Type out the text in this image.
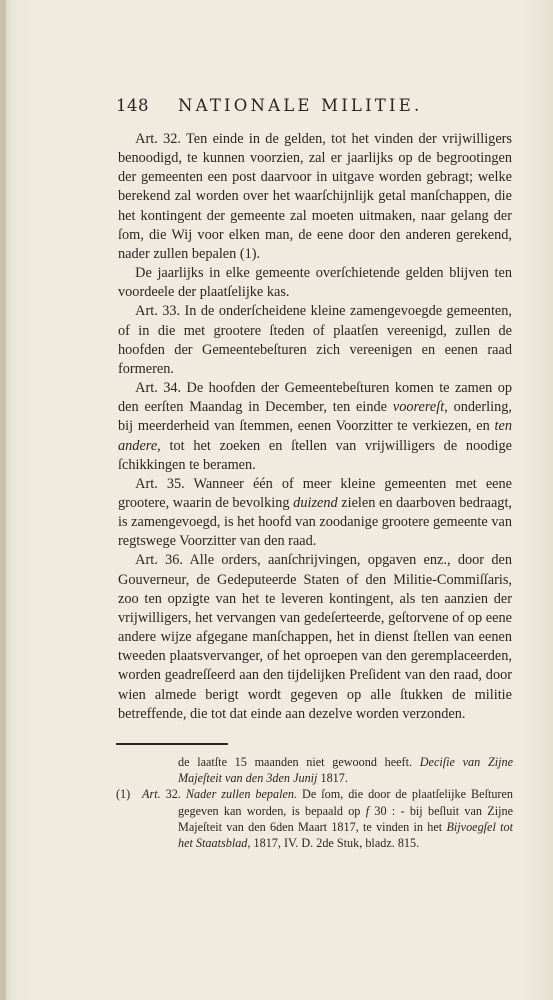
148 NATIONALE MILITIE.

Art. 32. Ten einde in de gelden, tot het vinden der vrijwilligers benoodigd, te kunnen voorzien, zal er jaarlijks op de begrootingen der gemeenten een post daarvoor in uitgave worden gebragt; welke berekend zal worden over het waarſchijnlijk getal manſchappen, die het kontingent der gemeente zal moeten uitmaken, naar gelang der ſom, die Wij voor elken man, de eene door den anderen gerekend, nader zullen bepalen (1).

De jaarlijks in elke gemeente overſchietende gelden blijven ten voordeele der plaatſelijke kas.

Art. 33. In de onderſcheidene kleine zamengevoegde gemeenten, of in die met grootere ſteden of plaatſen vereenigd, zullen de hoofden der Gemeentebeſturen zich vereenigen en eenen raad formeren.

Art. 34. De hoofden der Gemeentebeſturen komen te zamen op den eerſten Maandag in December, ten einde voorereſt, onderling, bij meerderheid van ſtemmen, eenen Voorzitter te verkiezen, en ten andere, tot het zoeken en ſtellen van vrijwilligers de noodige ſchikkingen te beramen.

Art. 35. Wanneer één of meer kleine gemeenten met eene grootere, waarin de bevolking duizend zielen en daarboven bedraagt, is zamengevoegd, is het hoofd van zoodanige grootere gemeente van regtswege Voorzitter van den raad.

Art. 36. Alle orders, aanſchrijvingen, opgaven enz., door den Gouverneur, de Gedeputeerde Staten of den Militie-Commiſſaris, zoo ten opzigte van het te leveren kontingent, als ten aanzien der vrijwilligers, het vervangen van gedeſerteerde, geſtorvene of op eene andere wijze afgegane manſchappen, het in dienst ſtellen van eenen tweeden plaatsvervanger, of het oproepen van den geremplaceerden, worden geadreſſeerd aan den tijdelijken Preſident van den raad, door wien almede berigt wordt gegeven op alle ſtukken de militie betreffende, die tot dat einde aan dezelve worden verzonden.

de laatſte 15 maanden niet gewoond heeft. Deciſie van Zijne Majeſteit van den 3den Junij 1817.

(1) Art. 32. Nader zullen bepalen. De ſom, die door de plaatſelijke Beſturen gegeven kan worden, is bepaald op f 30 : - bij beſluit van Zijne Majeſteit van den 6den Maart 1817, te vinden in het Bijvoegſel tot het Staatsblad, 1817, IV. D. 2de Stuk, bladz. 815.
